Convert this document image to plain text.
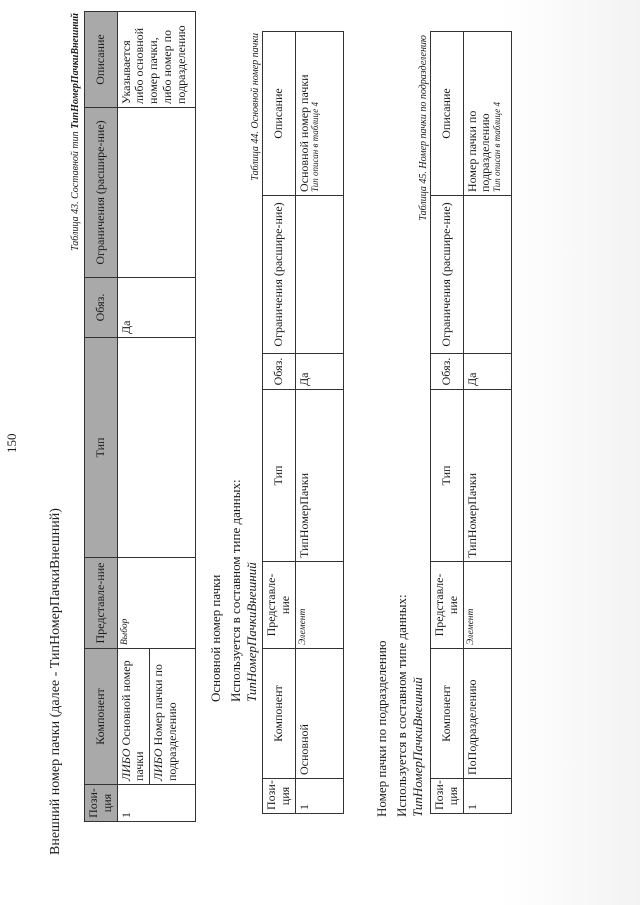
150
Внешний номер пачки (далее - ТипНомерПачкиВнешний)
Таблица 43. Составной тип ТипНомерПачкиВнешний
Пози-ция	Компонент	Представле-ние	Тип	Обяз.	Ограничения (расшире-ние)	Описание
1	ЛИБО Основной номер пачки ЛИБО Номер пачки по подразделению	Выбор		Да		Указывается либо основной номер пачки, либо номер по подразделению
Основной номер пачки Используется в составном типе данных: ТипНомерПачкиВнешний
Таблица 44. Основной номер пачки
Пози-ция	Компонент	Представле-ние	Тип	Обяз.	Ограничения (расшире-ние)	Описание
1	Основной	Элемент	ТипНомерПачки	Да		Основной номер пачки Тип описан в таблице 4
Номер пачки по подразделению Используется в составном типе данных: ТипНомерПачкиВнешний
Таблица 45. Номер пачки по подразделению
Пози-ция	Компонент	Представле-ние	Тип	Обяз.	Ограничения (расшире-ние)	Описание
1	ПоПодразделению	Элемент	ТипНомерПачки	Да		Номер пачки по подразделению Тип описан в таблице 4
